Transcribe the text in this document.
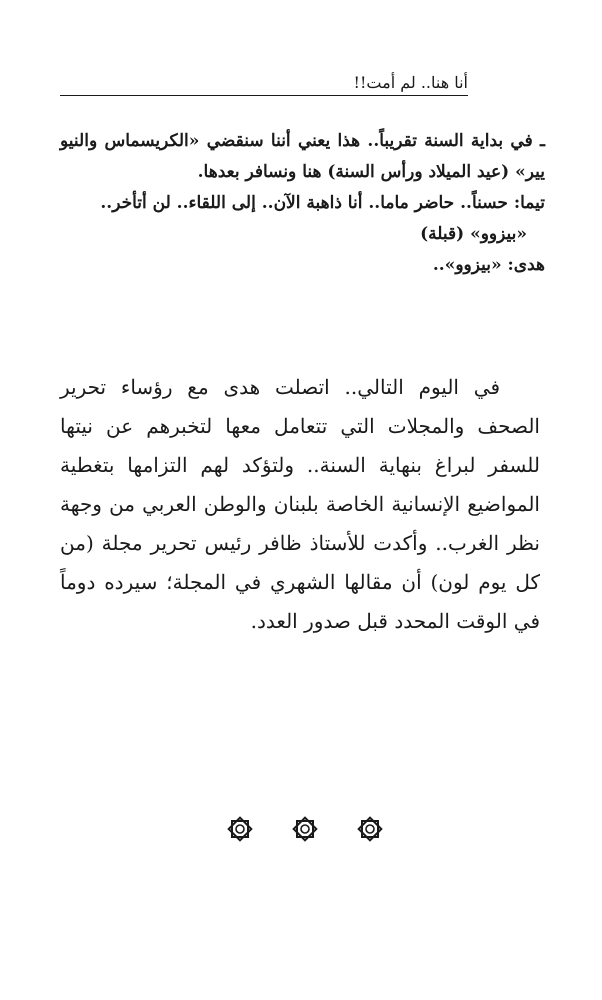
أنا هنا.. لم أمت!!

ـ في بداية السنة تقريباً.. هذا يعني أننا سنقضي «الكريسماس والنيو يير» (عيد الميلاد ورأس السنة) هنا ونسافر بعدها.

تيما: حسناً.. حاضر ماما.. أنا ذاهبة الآن.. إلى اللقاء.. لن أتأخر..

«بيزوو» (قبلة)

هدى: «بيزوو»..

في اليوم التالي.. اتصلت هدى مع رؤساء تحرير الصحف والمجلات التي تتعامل معها لتخبرهم عن نيتها للسفر لبراغ بنهاية السنة.. ولتؤكد لهم التزامها بتغطية المواضيع الإنسانية الخاصة بلبنان والوطن العربي من وجهة نظر الغرب.. وأكدت للأستاذ ظافر رئيس تحرير مجلة (من كل يوم لون) أن مقالها الشهري في المجلة؛ سيرده دوماً في الوقت المحدد قبل صدور العدد.
